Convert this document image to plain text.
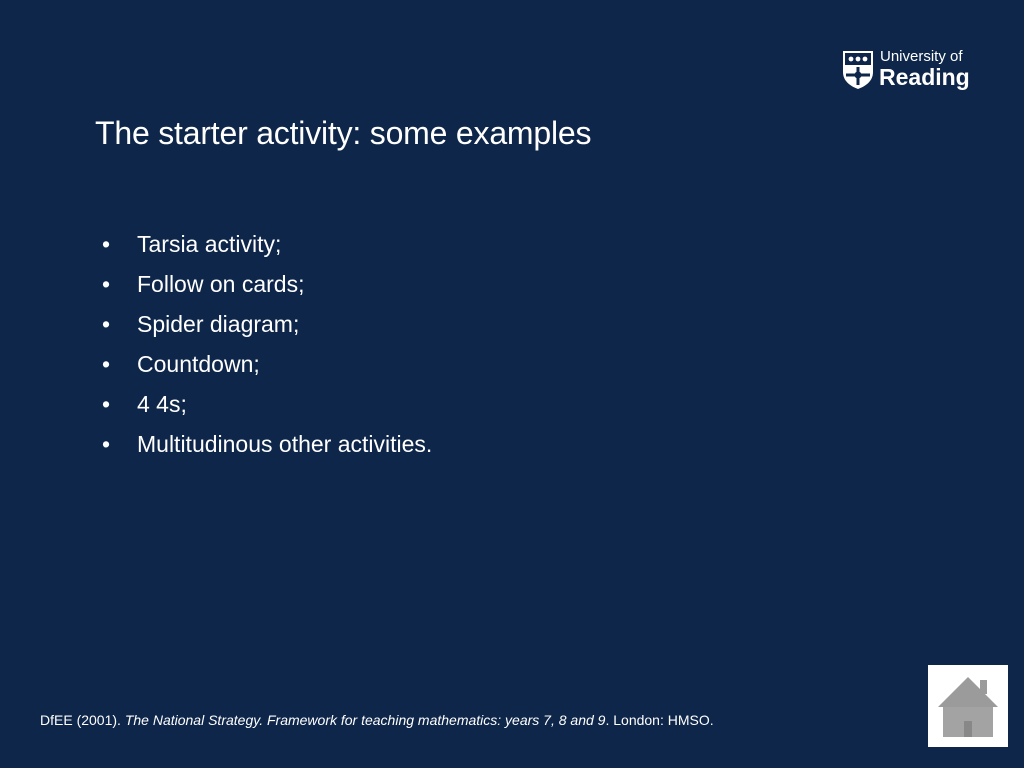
University of
Reading
The starter activity: some examples
• Tarsia activity;
• Follow on cards;
• Spider diagram;
• Countdown;
• 4 4s;
• Multitudinous other activities.
DfEE (2001). The National Strategy. Framework for teaching mathematics: years 7, 8 and 9. London: HMSO.
